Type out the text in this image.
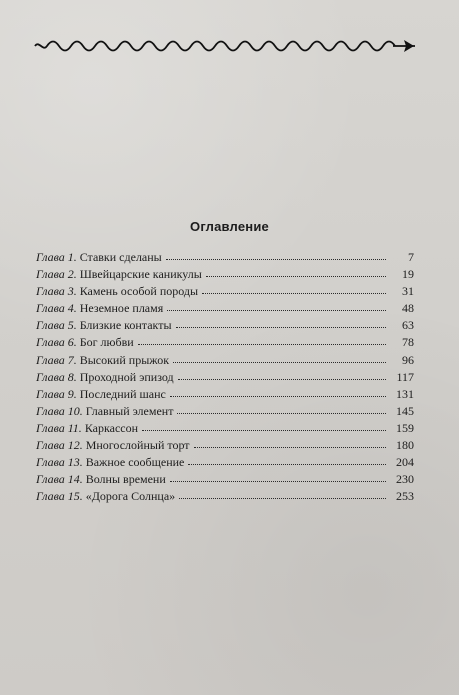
Оглавление
Глава 1. Ставки сделаны	7
Глава 2. Швейцарские каникулы	19
Глава 3. Камень особой породы	31
Глава 4. Неземное пламя	48
Глава 5. Близкие контакты	63
Глава 6. Бог любви	78
Глава 7. Высокий прыжок	96
Глава 8. Проходной эпизод	117
Глава 9. Последний шанс	131
Глава 10. Главный элемент	145
Глава 11. Каркассон	159
Глава 12. Многослойный торт	180
Глава 13. Важное сообщение	204
Глава 14. Волны времени	230
Глава 15. «Дорога Солнца»	253
